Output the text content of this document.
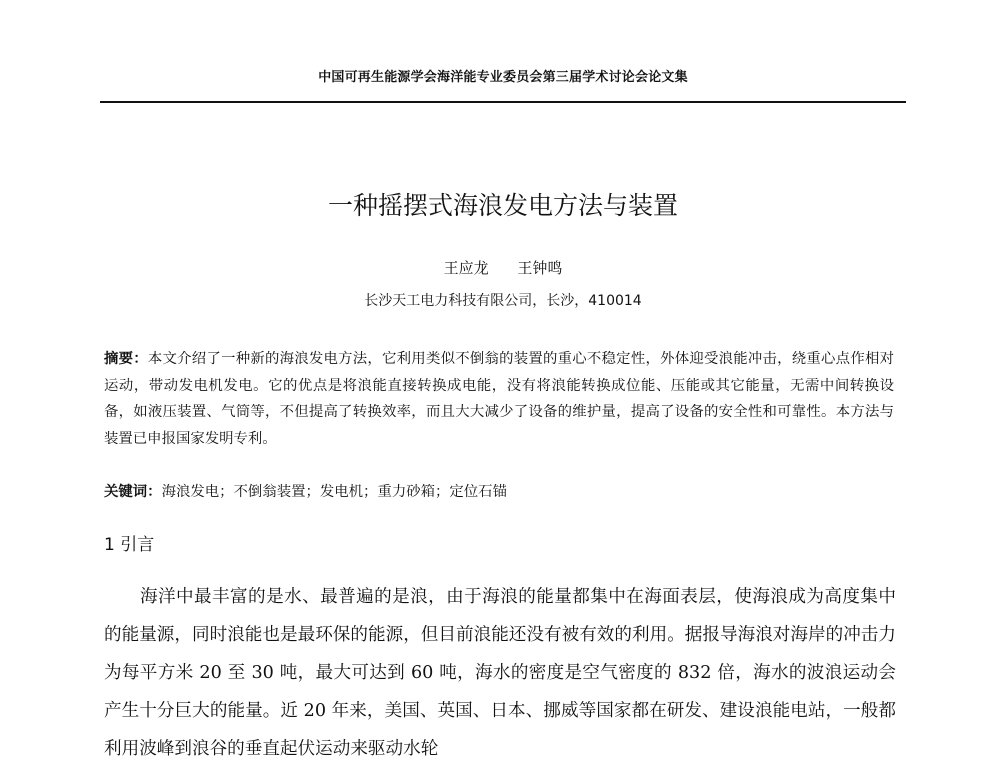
中国可再生能源学会海洋能专业委员会第三届学术讨论会论文集
一种摇摆式海浪发电方法与装置
王应龙 王钟鸣
长沙天工电力科技有限公司，长沙，410014
摘要：本文介绍了一种新的海浪发电方法，它利用类似不倒翁的装置的重心不稳定性，外体迎受浪能冲击，绕重心点作相对运动，带动发电机发电。它的优点是将浪能直接转换成电能，没有将浪能转换成位能、压能或其它能量，无需中间转换设备，如液压装置、气筒等，不但提高了转换效率，而且大大减少了设备的维护量，提高了设备的安全性和可靠性。本方法与装置已申报国家发明专利。
关键词：海浪发电；不倒翁装置；发电机；重力砂箱；定位石锚
1 引言
海洋中最丰富的是水、最普遍的是浪，由于海浪的能量都集中在海面表层，使海浪成为高度集中的能量源，同时浪能也是最环保的能源，但目前浪能还没有被有效的利用。据报导海浪对海岸的冲击力为每平方米 20 至 30 吨，最大可达到 60 吨，海水的密度是空气密度的 832 倍，海水的波浪运动会产生十分巨大的能量。近 20 年来，美国、英国、日本、挪威等国家都在研发、建设浪能电站，一般都利用波峰到浪谷的垂直起伏运动来驱动水轮
